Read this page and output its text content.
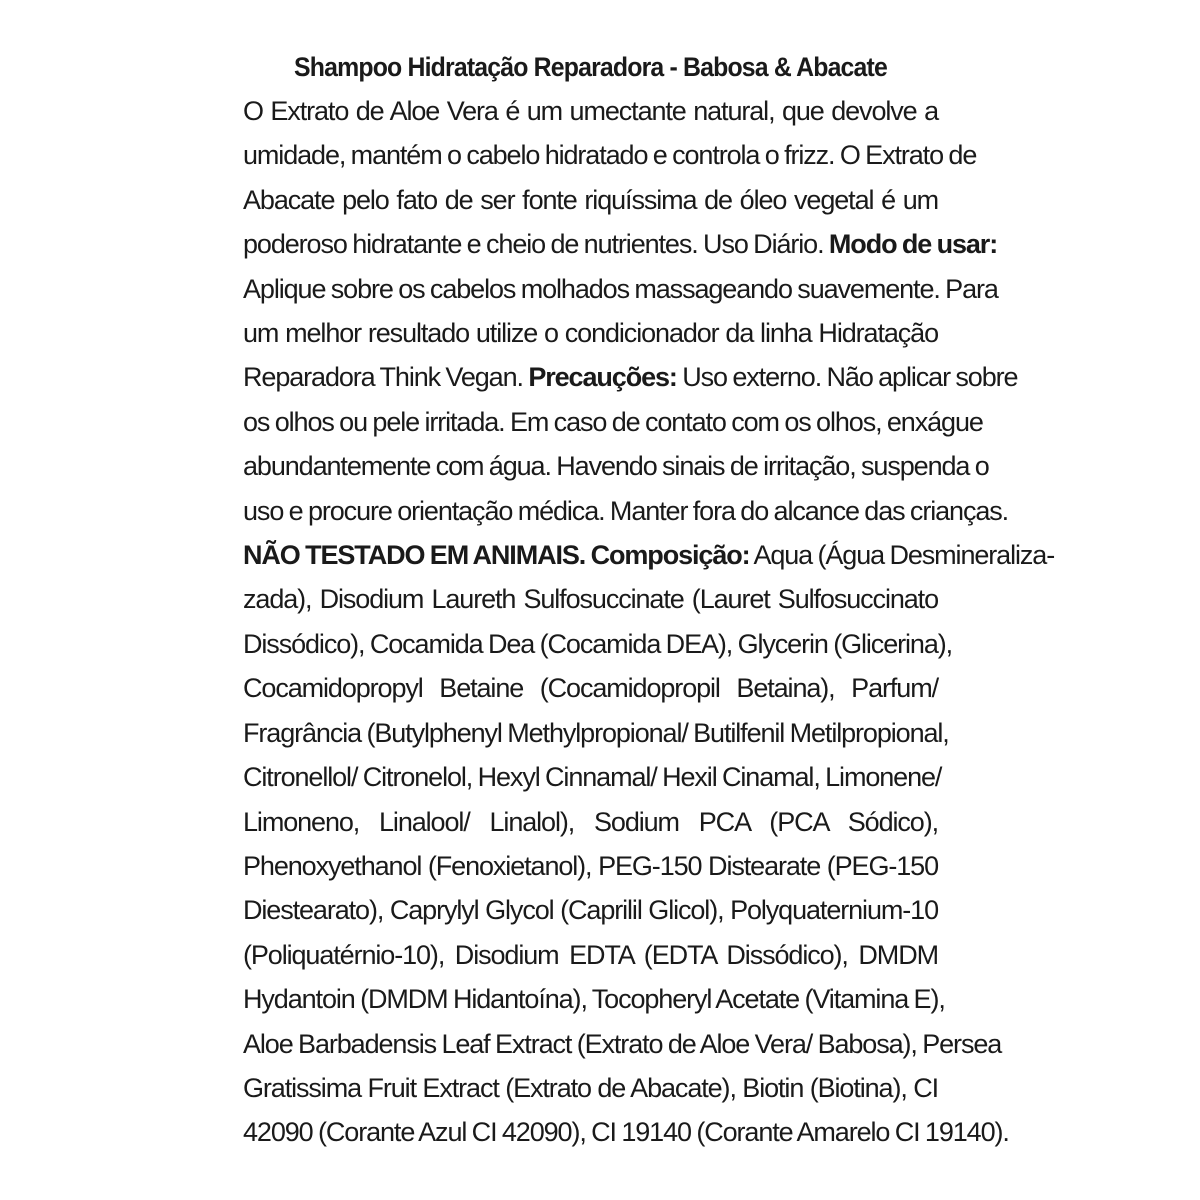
Shampoo Hidratação Reparadora - Babosa & Abacate
O Extrato de Aloe Vera é um umectante natural, que devolve a
umidade, mantém o cabelo hidratado e controla o frizz. O Extrato de
Abacate pelo fato de ser fonte riquíssima de óleo vegetal é um
poderoso hidratante e cheio de nutrientes. Uso Diário. Modo de usar:
Aplique sobre os cabelos molhados massageando suavemente. Para
um melhor resultado utilize o condicionador da linha Hidratação
Reparadora Think Vegan. Precauções: Uso externo. Não aplicar sobre
os olhos ou pele irritada. Em caso de contato com os olhos, enxágue
abundantemente com água. Havendo sinais de irritação, suspenda o
uso e procure orientação médica. Manter fora do alcance das crianças.
NÃO TESTADO EM ANIMAIS. Composição: Aqua (Água Desmineraliza-
zada), Disodium Laureth Sulfosuccinate (Lauret Sulfosuccinato
Dissódico), Cocamida Dea (Cocamida DEA), Glycerin (Glicerina),
Cocamidopropyl Betaine (Cocamidopropil Betaina), Parfum/
Fragrância (Butylphenyl Methylpropional/ Butilfenil Metilpropional,
Citronellol/ Citronelol, Hexyl Cinnamal/ Hexil Cinamal, Limonene/
Limoneno, Linalool/ Linalol), Sodium PCA (PCA Sódico),
Phenoxyethanol (Fenoxietanol), PEG-150 Distearate (PEG-150
Diestearato), Caprylyl Glycol (Caprilil Glicol), Polyquaternium-10
(Poliquatérnio-10), Disodium EDTA (EDTA Dissódico), DMDM
Hydantoin (DMDM Hidantoína), Tocopheryl Acetate (Vitamina E),
Aloe Barbadensis Leaf Extract (Extrato de Aloe Vera/ Babosa), Persea
Gratissima Fruit Extract (Extrato de Abacate), Biotin (Biotina), CI
42090 (Corante Azul CI 42090), CI 19140 (Corante Amarelo CI 19140).
